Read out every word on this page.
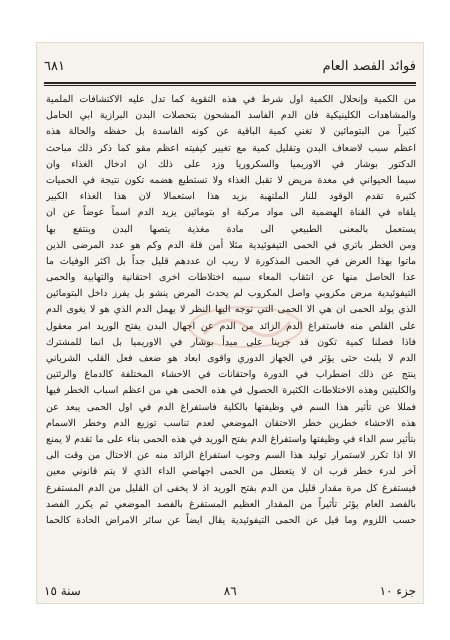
فوائد الفصد العام
٦٨١
من الكمية وإنحلال الكمية اول شرط في هذه التقوية كما تدل عليه الاكتشافات الملمية
والمشاهدات الكلينيكية فان الدم الفاسد المشحون بتحصلات البدن البرازية ابي الحامل
كثيراً من البتومائين لا تغني كمية الباقية عن كونه الفاسدة بل حفظه والحالة هذه
اعظم سبب لاضعاف البدن وتقليل كمية مع تغيير كيفيته اعظم مقو كما ذكر ذلك مباحث
الدكتور بوشار في الاوريميا والسكروريا وزد على ذلك ان ادخال الغذاء وان
سيما الحيواني في معدة مريض لا تقبل الغذاء ولا تستطيع هضمه تكون نتيجة في الحميات
كثيرة تقدم الوقود للنار الملتهبة بزيد هذا استعمالا لان هذا الغذاء الكبير
يلقاه في القناة الهضمية الى مواد مركبة او بتومائين يزيد الدم اسماً عوضاً عن ان
يستعمل بالمعنى الطبيعي الى مادة مغذية يتصها البدن وينتفع بها
ومن الخطر باتري في الحمى التيفوئيدية مثلا أمن قلة الدم وكم هو عدد المرضى الذين
ماتوا بهذا العرض في الحمى المذكورة لا ريب ان عددهم قليل جداً بل اكثر الوفيات ما
عدا الحاصل منها عن انثقاب المعاء سببه اختلاطات اخرى احتقانية والتهابية والحمى
التيفوئيدية مرض مكروبي واصل المكروب لم يحدث المرض ينشو بل يفرز داخل البتومائين
الذي يولد الحمى ان هي الا الحمى التي توجه اليها النظر لا يهمل الدم الذي هو لا يغوى الدم
على القلص منه فاستفراغ الدم الزائد من الدم عن اجهال البدن يفتح الوريد امر معقول
فاذا فصلنا كمية تكون قد جرينا على مبدأ بوشار في الاوريميا بل انما للمشترك
الدم لا يلبث حتى يؤثر في الجهاز الدوري واقوى ابعاد هو ضعف فعل القلب الشرياني
ينتج عن ذلك اضطراب في الدورة واحتقانات في الاحشاء المختلفة كالدماغ والرئتين
والكليتين وهذه الاختلاطات الكثيرة الحصول في هذه الحمى هي من اعظم اسباب الخطر فيها
فمللا عن تأثير هذا السم في وظيفتها بالكلية فاستفراغ الدم في اول الحمى يبعد عن
هذه الاحشاء خطرين خطر الاحتقان الموضعي لعدم تناسب توزيع الدم وخطر الاسمام
بتأثير سم الداء في وظيفتها واستفراغ الدم بفتح الوريد في هذه الحمى بناء على ما تقدم لا يمنع
الا اذا تكرر لاستمرار توليد هذا السم وجوب استفراغ الزائد منه عن الاحتال من وقت الى
آخر لدرء خطر قرب ان لا يتعطل من الحمى اجهاضي الداء الذي لا يتم قانوني معين
فيستفرغ كل مرة مقدار قليل من الدم بفتح الوريد اذ لا يخفى ان القليل من الدم المستفرغ
بالفصد العام يؤثر تأثيراً من المقدار العظيم المستفرغ بالفصد الموضعي ثم يكرر الفصد
حسب اللزوم وما قيل عن الحمى التيفوئيدية يقال ايضاً عن سائر الامراض الحادة كالحما
جزء ١٠
٨٦
سنة ١٥
